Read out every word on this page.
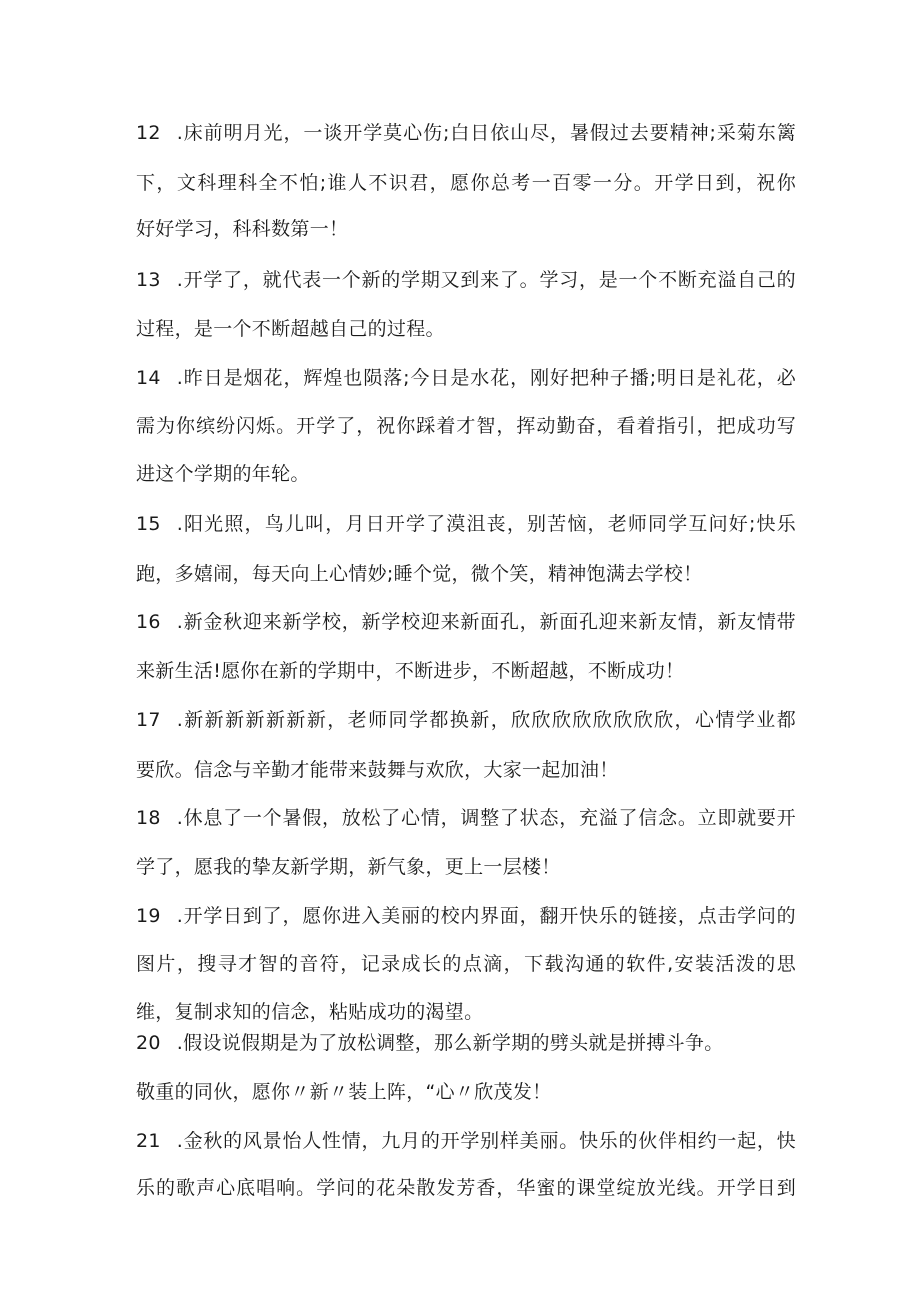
12 .床前明月光，一谈开学莫心伤;白日依山尽，暑假过去要精神;采菊东篱

下，文科理科全不怕;谁人不识君，愿你总考一百零一分。开学日到，祝你

好好学习，科科数第一！

13 .开学了，就代表一个新的学期又到来了。学习，是一个不断充溢自己的

过程，是一个不断超越自己的过程。

14 .昨日是烟花，辉煌也陨落;今日是水花，刚好把种子播;明日是礼花，必

需为你缤纷闪烁。开学了，祝你踩着才智，挥动勤奋，看着指引，把成功写

进这个学期的年轮。

15 .阳光照，鸟儿叫，月日开学了漠沮丧，别苦恼，老师同学互问好;快乐

跑，多嬉闹，每天向上心情妙;睡个觉，微个笑，精神饱满去学校！

16 .新金秋迎来新学校，新学校迎来新面孔，新面孔迎来新友情，新友情带

来新生活!愿你在新的学期中，不断进步，不断超越，不断成功！

17 .新新新新新新新，老师同学都换新，欣欣欣欣欣欣欣欣，心情学业都

要欣。信念与辛勤才能带来鼓舞与欢欣，大家一起加油！

18 .休息了一个暑假，放松了心情，调整了状态，充溢了信念。立即就要开

学了，愿我的挚友新学期，新气象，更上一层楼！

19 .开学日到了，愿你进入美丽的校内界面，翻开快乐的链接，点击学问的

图片，搜寻才智的音符，记录成长的点滴，下载沟通的软件,安装活泼的思

维，复制求知的信念，粘贴成功的渴望。

20 .假设说假期是为了放松调整，那么新学期的劈头就是拼搏斗争。

敬重的同伙，愿你〃新〃装上阵，“心〃欣茂发！

21 .金秋的风景怡人性情，九月的开学别样美丽。快乐的伙伴相约一起，快

乐的歌声心底唱响。学问的花朵散发芳香，华蜜的课堂绽放光线。开学日到
